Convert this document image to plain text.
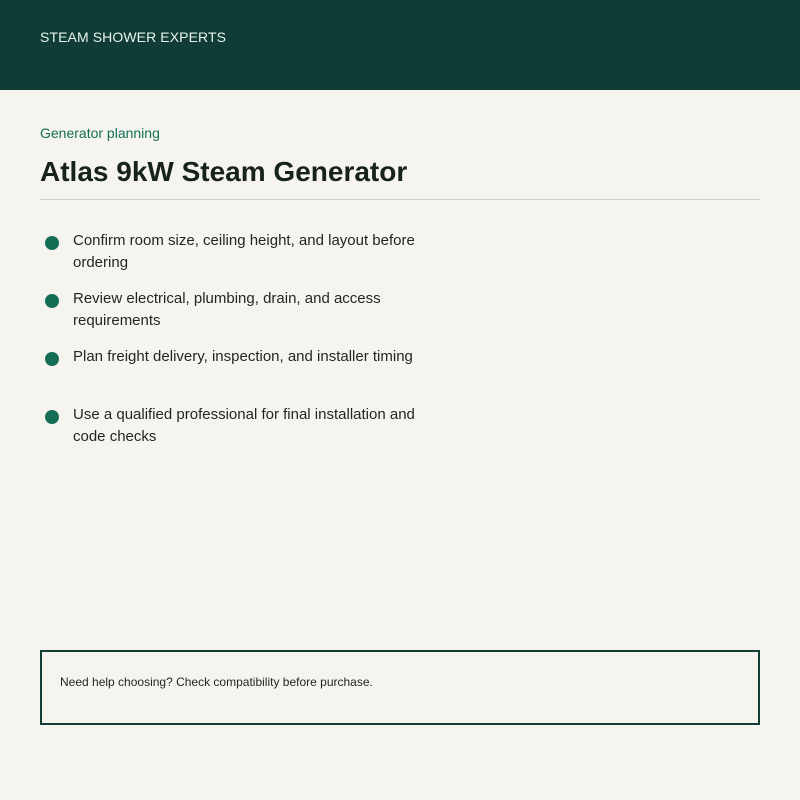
STEAM SHOWER EXPERTS
Generator planning
Atlas 9kW Steam Generator
Confirm room size, ceiling height, and layout before ordering
Review electrical, plumbing, drain, and access requirements
Plan freight delivery, inspection, and installer timing
Use a qualified professional for final installation and code checks
Need help choosing? Check compatibility before purchase.
